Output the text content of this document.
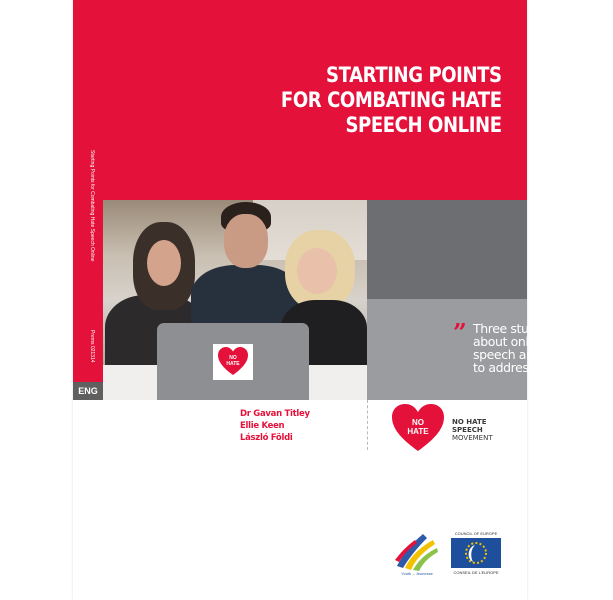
Starting Points for Combating Hate Speech Online
Prems 021314
ENG
STARTING POINTS
FOR COMBATING HATE
SPEECH ONLINE
NO
HATE
” Three studies
about online hate
speech and ways
to address it
Dr Gavan Titley
Ellie Keen
László Földi
NO
HATE
NO HATE
SPEECH
MOVEMENT
Youth – Jeunesse
COUNCIL OF EUROPE
CONSEIL DE L'EUROPE
